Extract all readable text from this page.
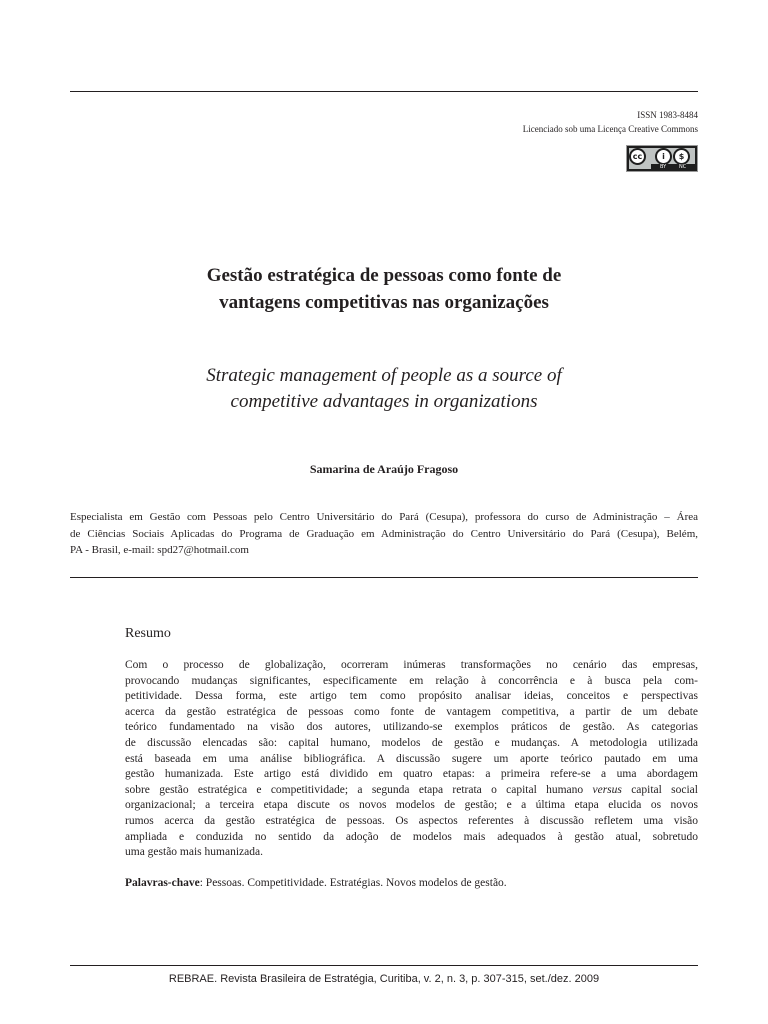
ISSN 1983-8484
Licenciado sob uma Licença Creative Commons
cc	i	$
BY	NC
Gestão estratégica de pessoas como fonte de
vantagens competitivas nas organizações
Strategic management of people as a source of
competitive advantages in organizations
Samarina de Araújo Fragoso
Especialista em Gestão com Pessoas pelo Centro Universitário do Pará (Cesupa), professora do curso de Administração – Área
de Ciências Sociais Aplicadas do Programa de Graduação em Administração do Centro Universitário do Pará (Cesupa), Belém,
PA - Brasil, e-mail: spd27@hotmail.com
Resumo
Com o processo de globalização, ocorreram inúmeras transformações no cenário das empresas,
provocando mudanças significantes, especificamente em relação à concorrência e à busca pela com-
petitividade. Dessa forma, este artigo tem como propósito analisar ideias, conceitos e perspectivas
acerca da gestão estratégica de pessoas como fonte de vantagem competitiva, a partir de um debate
teórico fundamentado na visão dos autores, utilizando-se exemplos práticos de gestão. As categorias
de discussão elencadas são: capital humano, modelos de gestão e mudanças. A metodologia utilizada
está baseada em uma análise bibliográfica. A discussão sugere um aporte teórico pautado em uma
gestão humanizada. Este artigo está dividido em quatro etapas: a primeira refere-se a uma abordagem
sobre gestão estratégica e competitividade; a segunda etapa retrata o capital humano versus capital social
organizacional; a terceira etapa discute os novos modelos de gestão; e a última etapa elucida os novos
rumos acerca da gestão estratégica de pessoas. Os aspectos referentes à discussão refletem uma visão
ampliada e conduzida no sentido da adoção de modelos mais adequados à gestão atual, sobretudo
uma gestão mais humanizada.
Palavras-chave: Pessoas. Competitividade. Estratégias. Novos modelos de gestão.
REBRAE. Revista Brasileira de Estratégia, Curitiba, v. 2, n. 3, p. 307-315, set./dez. 2009
